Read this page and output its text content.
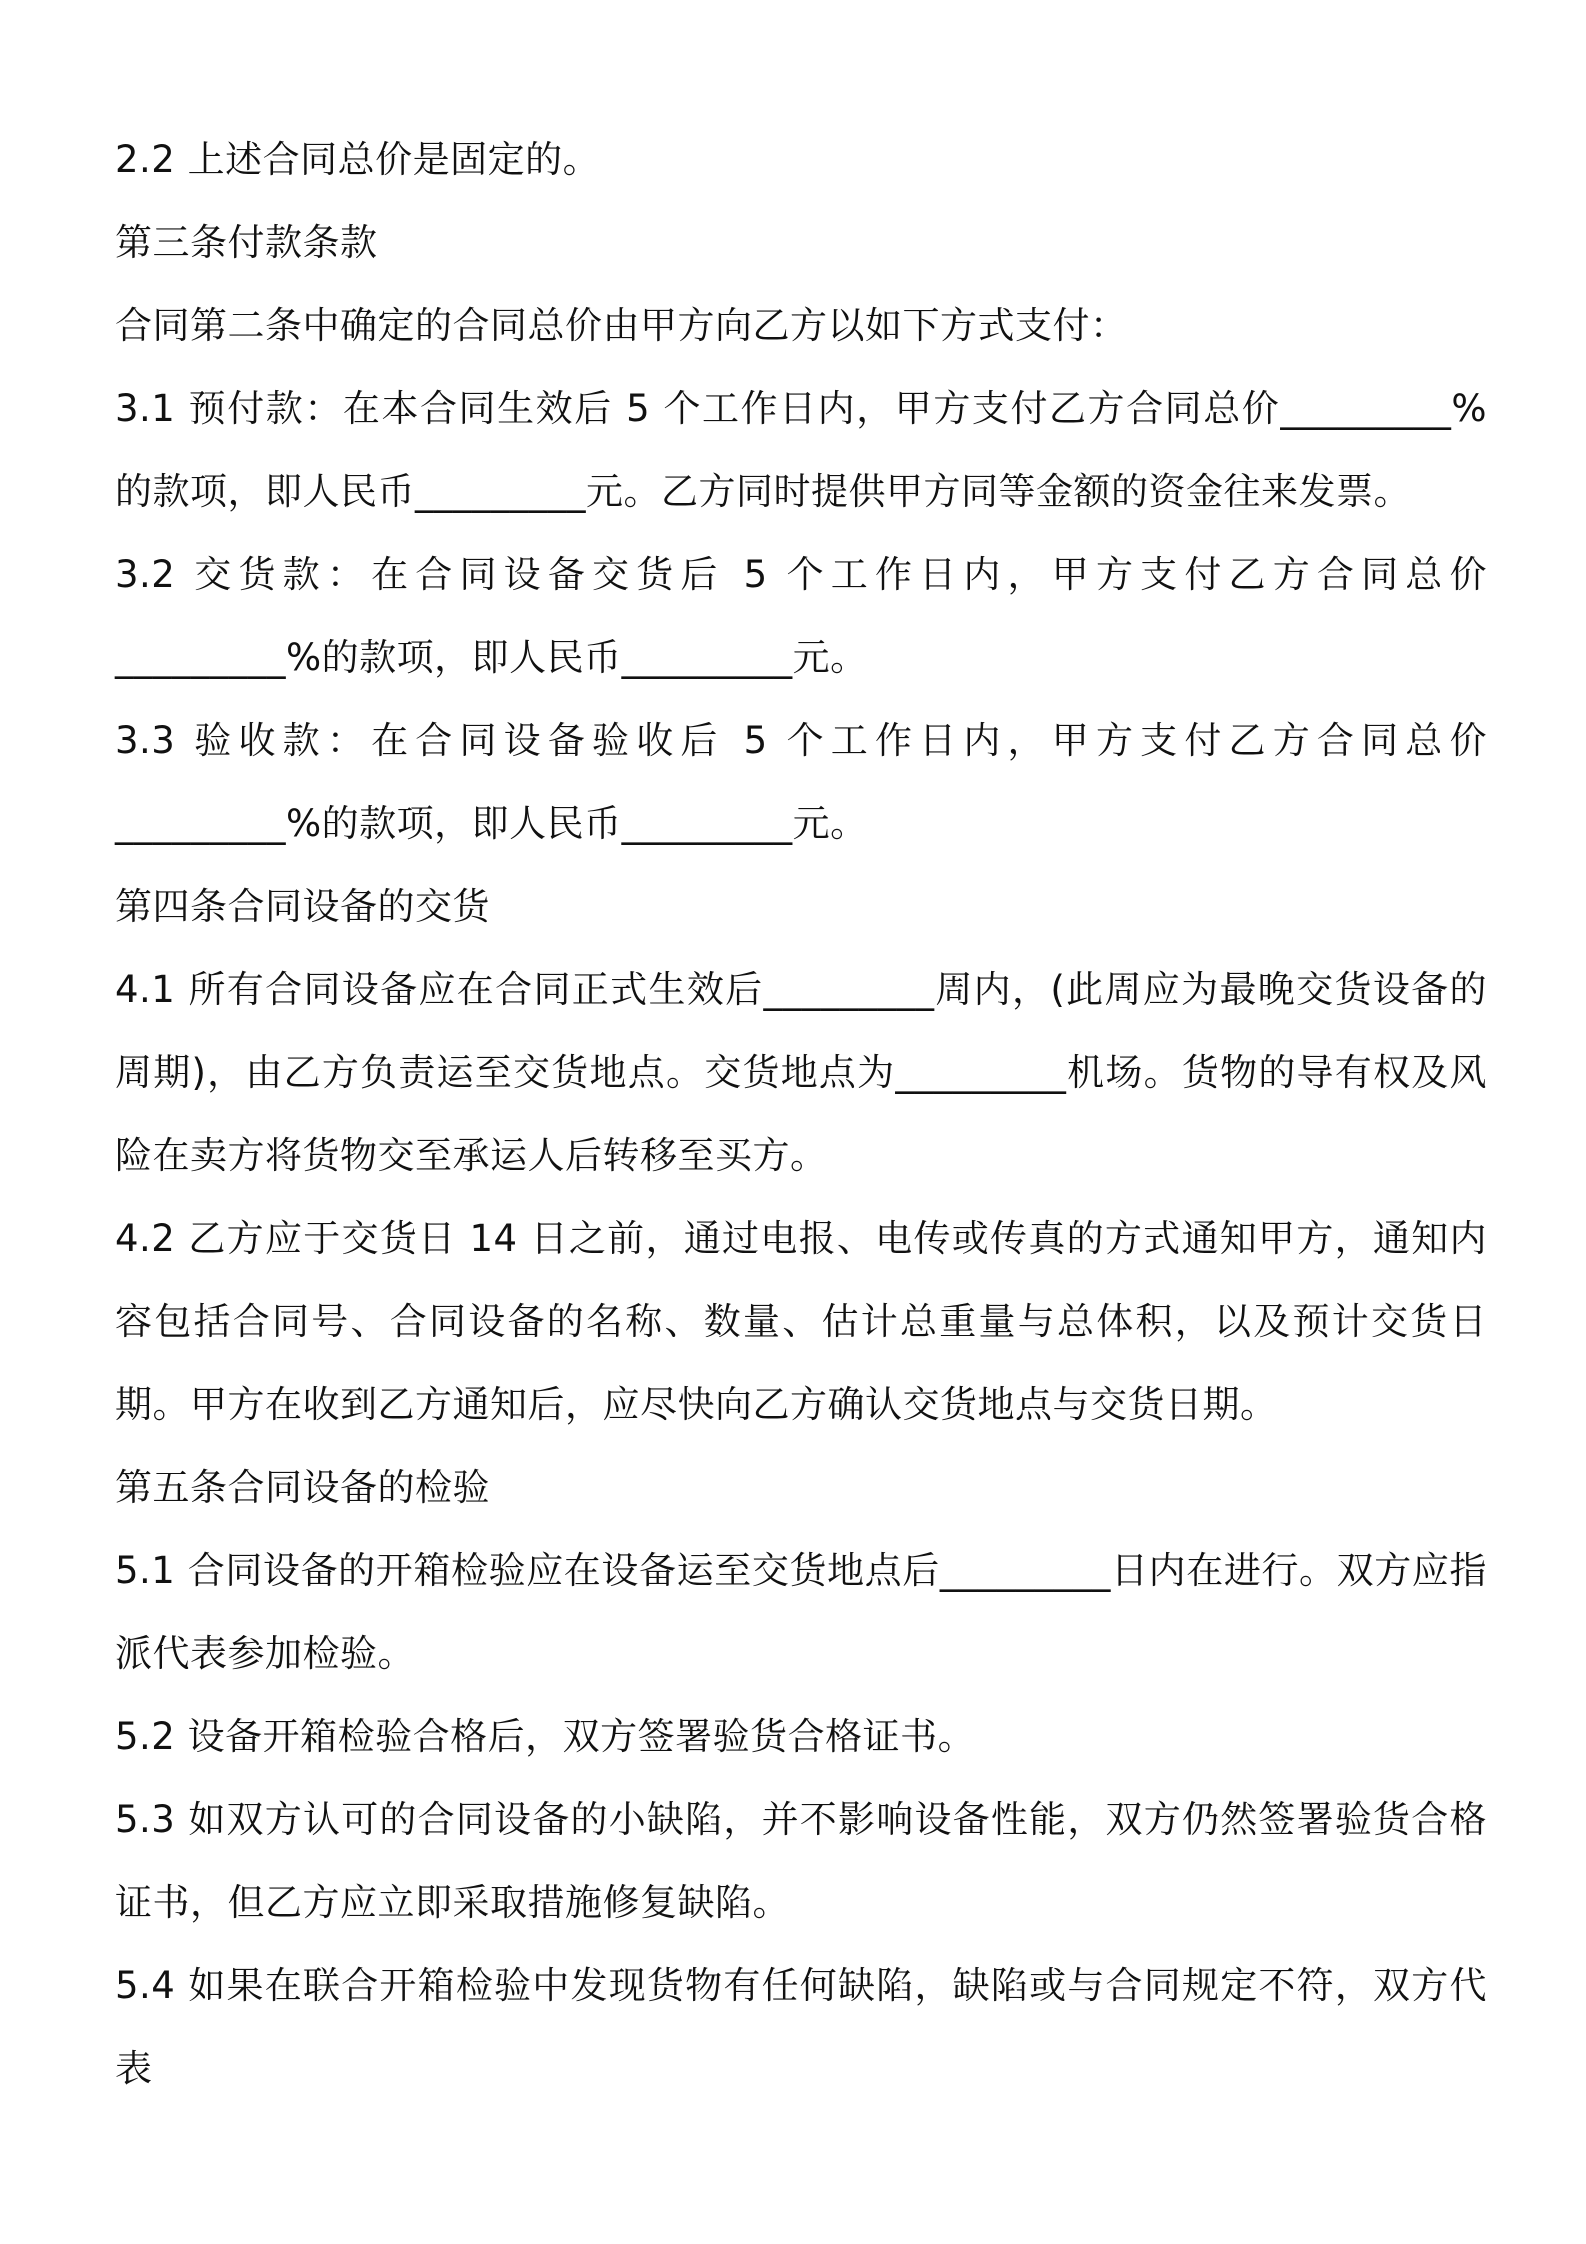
2.2 上述合同总价是固定的。

第三条付款条款

合同第二条中确定的合同总价由甲方向乙方以如下方式支付：

3.1 预付款：在本合同生效后 5 个工作日内，甲方支付乙方合同总价_________%的款项，即人民币_________元。乙方同时提供甲方同等金额的资金往来发票。

3.2 交货款：在合同设备交货后 5 个工作日内，甲方支付乙方合同总价_________%的款项，即人民币_________元。

3.3 验收款：在合同设备验收后 5 个工作日内，甲方支付乙方合同总价_________%的款项，即人民币_________元。

第四条合同设备的交货

4.1 所有合同设备应在合同正式生效后_________周内，(此周应为最晚交货设备的周期)，由乙方负责运至交货地点。交货地点为_________机场。货物的导有权及风险在卖方将货物交至承运人后转移至买方。

4.2 乙方应于交货日 14 日之前，通过电报、电传或传真的方式通知甲方，通知内容包括合同号、合同设备的名称、数量、估计总重量与总体积，以及预计交货日期。甲方在收到乙方通知后，应尽快向乙方确认交货地点与交货日期。

第五条合同设备的检验

5.1 合同设备的开箱检验应在设备运至交货地点后_________日内在进行。双方应指派代表参加检验。

5.2 设备开箱检验合格后，双方签署验货合格证书。

5.3 如双方认可的合同设备的小缺陷，并不影响设备性能，双方仍然签署验货合格证书，但乙方应立即采取措施修复缺陷。

5.4 如果在联合开箱检验中发现货物有任何缺陷，缺陷或与合同规定不符，双方代表
